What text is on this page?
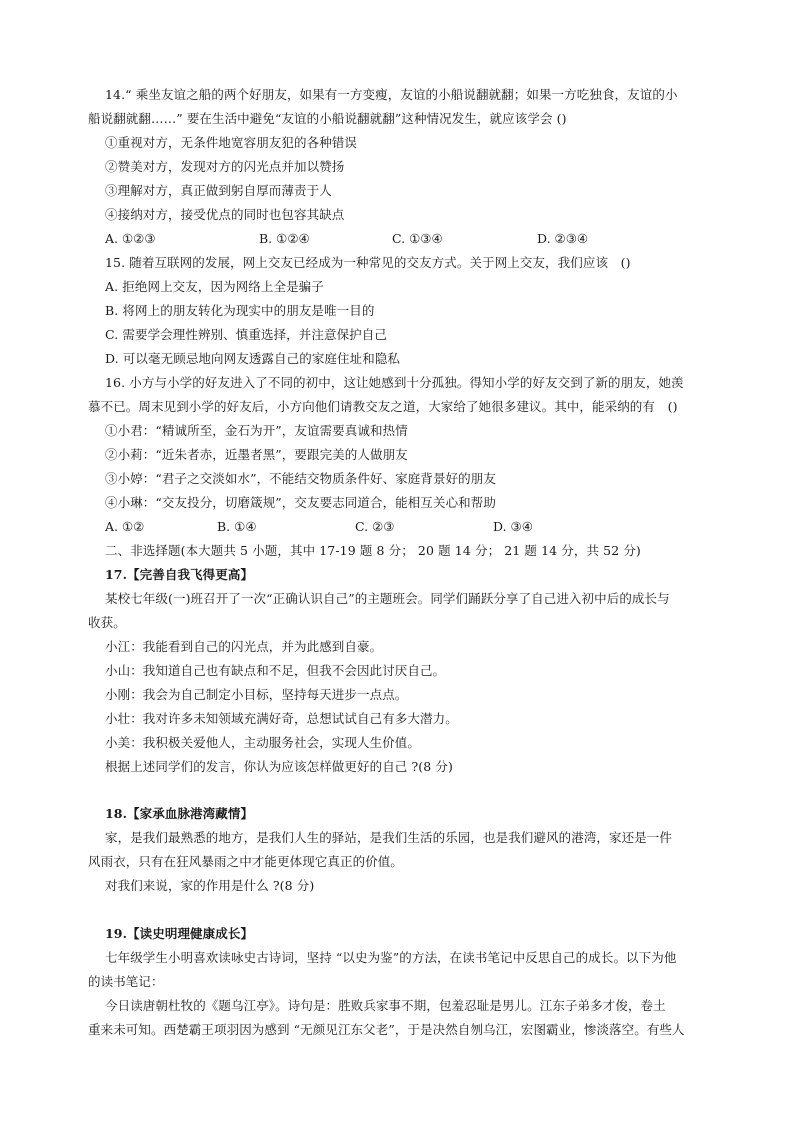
14.“ 乘坐友谊之船的两个好朋友，如果有一方变瘦，友谊的小船说翻就翻；如果一方吃独食，友谊的小
船说翻就翻……” 要在生活中避免“友谊的小船说翻就翻”这种情况发生，就应该学会 ()
①重视对方，无条件地宽容朋友犯的各种错误
②赞美对方，发现对方的闪光点并加以赞扬
③理解对方，真正做到躬自厚而薄责于人
④接纳对方，接受优点的同时也包容其缺点
A. ①②③	B. ①②④	C. ①③④	D. ②③④
15. 随着互联网的发展，网上交友已经成为一种常见的交友方式。关于网上交友，我们应该　()
A. 拒绝网上交友，因为网络上全是骗子
B. 将网上的朋友转化为现实中的朋友是唯一目的
C. 需要学会理性辨别、慎重选择，并注意保护自己
D. 可以毫无顾忌地向网友透露自己的家庭住址和隐私
16. 小方与小学的好友进入了不同的初中，这让她感到十分孤独。得知小学的好友交到了新的朋友，她羡
慕不已。周末见到小学的好友后，小方向他们请教交友之道，大家给了她很多建议。其中，能采纳的有　()
①小君：“精诚所至，金石为开”，友谊需要真诚和热情
②小莉：“近朱者赤，近墨者黑”，要跟完美的人做朋友
③小婷：“君子之交淡如水”，不能结交物质条件好、家庭背景好的朋友
④小琳：“交友投分，切磨箴规”，交友要志同道合，能相互关心和帮助
A. ①②	B. ①④	C. ②③	D. ③④
二、非选择题(本大题共 5 小题，其中 17-19 题 8 分； 20 题 14 分； 21 题 14 分，共 52 分)
17.【完善自我飞得更高】
某校七年级(一)班召开了一次“正确认识自己”的主题班会。同学们踊跃分享了自己进入初中后的成长与
收获。
小江：我能看到自己的闪光点，并为此感到自豪。
小山：我知道自己也有缺点和不足，但我不会因此讨厌自己。
小刚：我会为自己制定小目标，坚持每天进步一点点。
小壮：我对许多未知领域充满好奇，总想试试自己有多大潜力。
小美：我积极关爱他人，主动服务社会，实现人生价值。
根据上述同学们的发言，你认为应该怎样做更好的自己 ?(8 分)
18.【家承血脉港湾藏情】
家，是我们最熟悉的地方，是我们人生的驿站，是我们生活的乐园，也是我们避风的港湾，家还是一件
风雨衣，只有在狂风暴雨之中才能更体现它真正的价值。
对我们来说，家的作用是什么 ?(8 分)
19.【读史明理健康成长】
七年级学生小明喜欢读咏史古诗词，坚持 “以史为鉴”的方法，在读书笔记中反思自己的成长。以下为他
的读书笔记：
今日读唐朝杜牧的《题乌江亭》。诗句是：胜败兵家事不期，包羞忍耻是男儿。江东子弟多才俊，卷土
重来未可知。西楚霸王项羽因为感到 “无颜见江东父老”，于是决然自刎乌江，宏图霸业，惨淡落空。有些人
